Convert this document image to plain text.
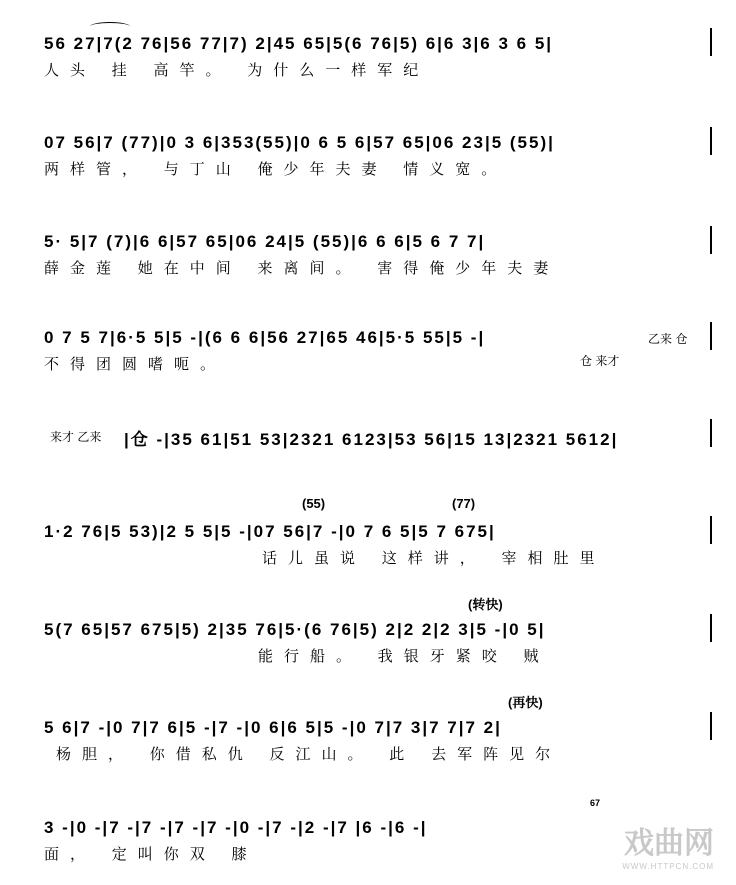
56 27|7(2 76|56 77|7) 2|45 65|5(6 76|5) 6|6 3|6 3 6 5|
人头 挂 高竿。 为什么一样军纪
07 56|7 (77)|0 3 6|353(55)|0 6 5 6|57 65|06 23|5 (55)|
两样管， 与丁山 俺少年夫妻 情义宽。
5· 5|7 (7)|6 6|57 65|06 24|5 (55)|6 6 6|5 6 7 7|
薛金莲 她在中间 来离间。 害得俺少年夫妻
0 7 5 7|6·5 5|5 -|(6 6 6|56 27|65 46|5·5 55|5 -|
不得团圆嗜呃。
乙来 仓
仓 来才
来才 乙来 |仓 -|35 61|51 53|2321 6123|53 56|15 13|2321 5612|
(55)	(77)
1·2 76|5 53)|2 5 5|5 -|07 56|7 -|0 7 6 5|5 7 675|
话儿虽说 这样讲， 宰相肚里
(转快)
5(7 65|57 675|5) 2|35 76|5·(6 76|5) 2|2 2|2 3|5 -|0 5|
能行船。 我银牙紧咬 贼
(再快)
5 6|7 -|0 7|7 6|5 -|7 -|0 6|6 5|5 -|0 7|7 3|7 7|7 2|
杨胆， 你借私仇 反江山。 此 去军阵见尔
67
3 -|0 -|7 -|7 -|7 -|7 -|0 -|7 -|2 -|7 |6 -|6 -|
面， 定叫你双 膝	戏曲网
WWW.HTTPCN.COM
